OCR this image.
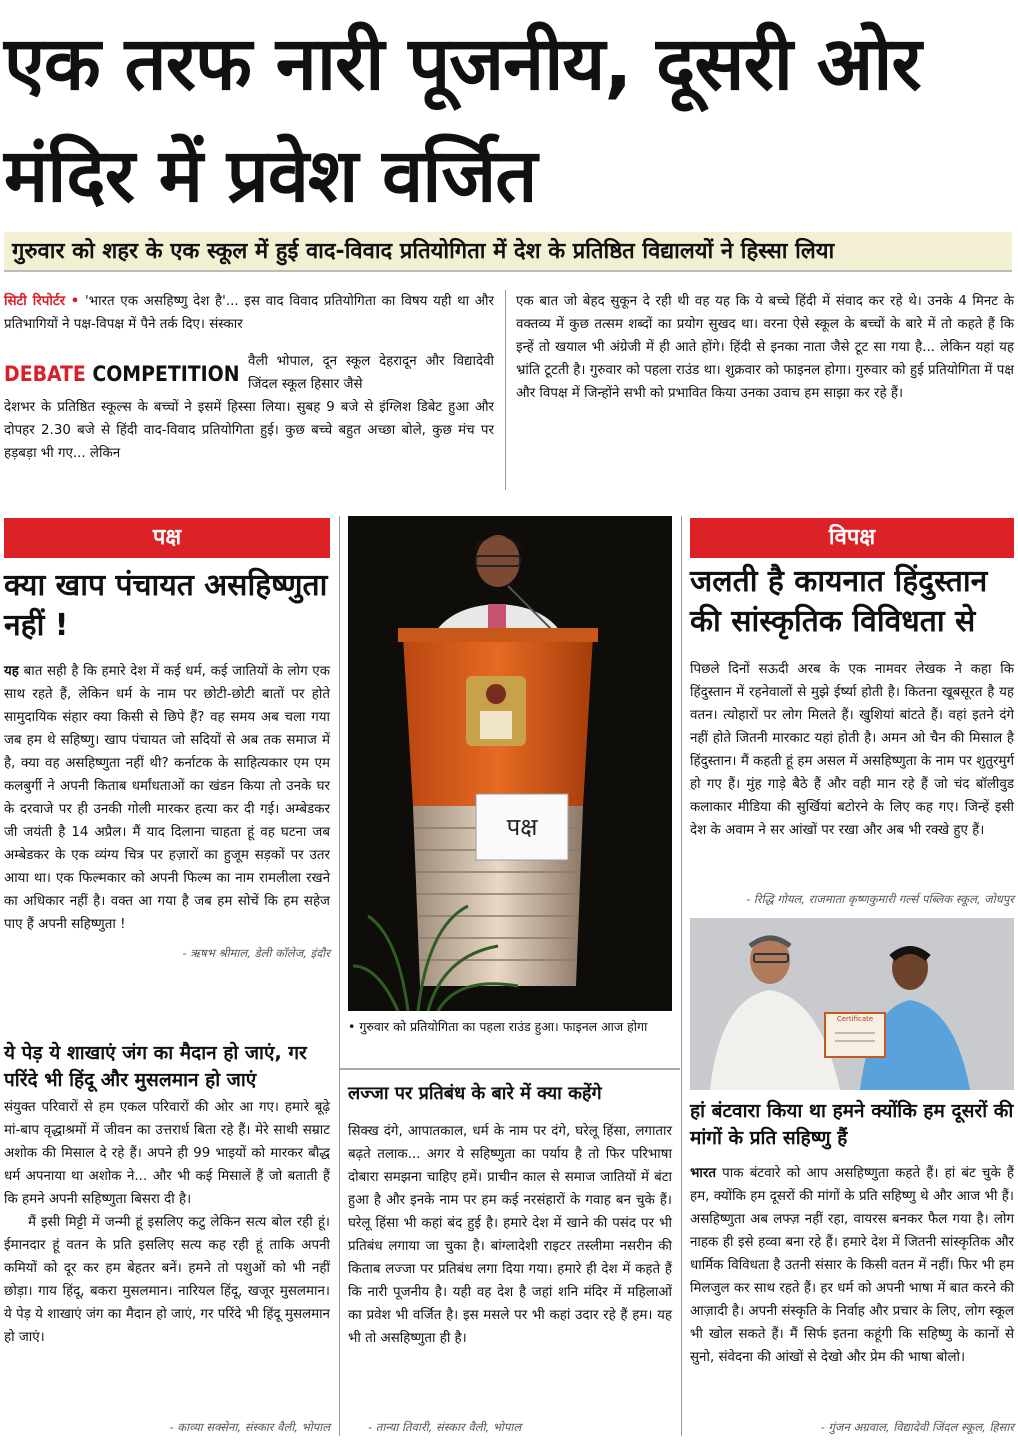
एक तरफ नारी पूजनीय, दूसरी ओर मंदिर में प्रवेश वर्जित
गुरुवार को शहर के एक स्कूल में हुई वाद-विवाद प्रतियोगिता में देश के प्रतिष्ठित विद्यालयों ने हिस्सा लिया

सिटी रिपोर्टर • 'भारत एक असहिष्णु देश है'... इस वाद विवाद प्रतियोगिता का विषय यही था और प्रतिभागियों ने पक्ष-विपक्ष में पैने तर्क दिए। संस्कार

वैली भोपाल, दून स्कूल देहरादून और विद्यादेवी जिंदल स्कूल हिसार जैसे
देशभर के प्रतिष्ठित स्कूल्स के बच्चों ने इसमें हिस्सा लिया। सुबह 9 बजे से इंग्लिश डिबेट हुआ और दोपहर 2.30 बजे से हिंदी वाद-विवाद प्रतियोगिता हुई। कुछ बच्चे बहुत अच्छा बोले, कुछ मंच पर हड़बड़ा भी गए... लेकिन
DEBATE COMPETITION
एक बात जो बेहद सुकून दे रही थी वह यह कि ये बच्चे हिंदी में संवाद कर रहे थे। उनके 4 मिनट के वक्तव्य में कुछ तत्सम शब्दों का प्रयोग सुखद था। वरना ऐसे स्कूल के बच्चों के बारे में तो कहते हैं कि इन्हें तो खयाल भी अंग्रेजी में ही आते होंगे। हिंदी से इनका नाता जैसे टूट सा गया है... लेकिन यहां यह भ्रांति टूटती है। गुरुवार को पहला राउंड था। शुक्रवार को फाइनल होगा। गुरुवार को हुई प्रतियोगिता में पक्ष और विपक्ष में जिन्होंने सभी को प्रभावित किया उनका उवाच हम साझा कर रहे हैं।
पक्ष
क्या खाप पंचायत असहिष्णुता नहीं !

यह बात सही है कि हमारे देश में कई धर्म, कई जातियों के लोग एक साथ रहते हैं, लेकिन धर्म के नाम पर छोटी-छोटी बातों पर होते सामुदायिक संहार क्या किसी से छिपे हैं? वह समय अब चला गया जब हम थे सहिष्णु। खाप पंचायत जो सदियों से अब तक समाज में है, क्या वह असहिष्णुता नहीं थी? कर्नाटक के साहित्यकार एम एम कलबुर्गी ने अपनी किताब धर्मांधताओं का खंडन किया तो उनके घर के दरवाजे पर ही उनकी गोली मारकर हत्या कर दी गई। अम्बेडकर जी जयंती है 14 अप्रैल। मैं याद दिलाना चाहता हूं वह घटना जब अम्बेडकर के एक व्यंग्य चित्र पर हज़ारों का हुजूम सड़कों पर उतर आया था। एक फिल्मकार को अपनी फिल्म का नाम रामलीला रखने का अधिकार नहीं है। वक्त आ गया है जब हम सोचें कि हम सहेज पाए हैं अपनी सहिष्णुता !

- ऋषभ श्रीमाल, डेली कॉलेज, इंदौर
ये पेड़ ये शाखाएं जंग का मैदान हो जाएं, गर परिंदे भी हिंदू और मुसलमान हो जाएं

संयुक्त परिवारों से हम एकल परिवारों की ओर आ गए। हमारे बूढ़े मां-बाप वृद्धाश्रमों में जीवन का उत्तरार्ध बिता रहे हैं। मेरे साथी सम्राट अशोक की मिसाल दे रहे हैं। अपने ही 99 भाइयों को मारकर बौद्ध धर्म अपनाया था अशोक ने... और भी कई मिसालें हैं जो बताती हैं कि हमने अपनी सहिष्णुता बिसरा दी है।

मैं इसी मिट्टी में जन्मी हूं इसलिए कटु लेकिन सत्य बोल रही हूं। ईमानदार हूं वतन के प्रति इसलिए सत्य कह रही हूं ताकि अपनी कमियों को दूर कर हम बेहतर बनें। हमने तो पशुओं को भी नहीं छोड़ा। गाय हिंदू, बकरा मुसलमान। नारियल हिंदू, खजूर मुसलमान। ये पेड़ ये शाखाएं जंग का मैदान हो जाएं, गर परिंदे भी हिंदू मुसलमान हो जाएं।

- काव्या सक्सेना, संस्कार वैली, भोपाल
पक्ष
• गुरुवार को प्रतियोगिता का पहला राउंड हुआ। फाइनल आज होगा
लज्जा पर प्रतिबंध के बारे में क्या कहेंगे
सिक्ख दंगे, आपातकाल, धर्म के नाम पर दंगे, घरेलू हिंसा, लगातार बढ़ते तलाक... अगर ये सहिष्णुता का पर्याय है तो फिर परिभाषा दोबारा समझना चाहिए हमें। प्राचीन काल से समाज जातियों में बंटा हुआ है और इनके नाम पर हम कई नरसंहारों के गवाह बन चुके हैं। घरेलू हिंसा भी कहां बंद हुई है। हमारे देश में खाने की पसंद पर भी प्रतिबंध लगाया जा चुका है। बांग्लादेशी राइटर तस्लीमा नसरीन की किताब लज्जा पर प्रतिबंध लगा दिया गया। हमारे ही देश में कहते हैं कि नारी पूजनीय है। यही वह देश है जहां शनि मंदिर में महिलाओं का प्रवेश भी वर्जित है। इस मसले पर भी कहां उदार रहे हैं हम। यह भी तो असहिष्णुता ही है।
- तान्या तिवारी, संस्कार वैली, भोपाल
विपक्ष
जलती है कायनात हिंदुस्तान की सांस्कृतिक विविधता से
पिछले दिनों सऊदी अरब के एक नामवर लेखक ने कहा कि हिंदुस्तान में रहनेवालों से मुझे ईर्ष्या होती है। कितना खूबसूरत है यह वतन। त्योहारों पर लोग मिलते हैं। खुशियां बांटते हैं। वहां इतने दंगे नहीं होते जितनी मारकाट यहां होती है। अमन ओ चैन की मिसाल है हिंदुस्तान। मैं कहती हूं हम असल में असहिष्णुता के नाम पर शुतुरमुर्ग हो गए हैं। मुंह गाड़े बैठे हैं और वही मान रहे हैं जो चंद बॉलीवुड कलाकार मीडिया की सुर्खियां बटोरने के लिए कह गए। जिन्हें इसी देश के अवाम ने सर आंखों पर रखा और अब भी रक्खे हुए हैं।
- रिद्धि गोयल, राजमाता कृष्णकुमारी गर्ल्स पब्लिक स्कूल, जोधपुर
Certificate
हां बंटवारा किया था हमने क्योंकि हम दूसरों की मांगों के प्रति सहिष्णु हैं

भारत पाक बंटवारे को आप असहिष्णुता कहते हैं। हां बंट चुके हैं हम, क्योंकि हम दूसरों की मांगों के प्रति सहिष्णु थे और आज भी हैं। असहिष्णुता अब लफ्ज़ नहीं रहा, वायरस बनकर फैल गया है। लोग नाहक ही इसे हव्वा बना रहे हैं। हमारे देश में जितनी सांस्कृतिक और धार्मिक विविधता है उतनी संसार के किसी वतन में नहीं। फिर भी हम मिलजुल कर साथ रहते हैं। हर धर्म को अपनी भाषा में बात करने की आज़ादी है। अपनी संस्कृति के निर्वाह और प्रचार के लिए, लोग स्कूल भी खोल सकते हैं। मैं सिर्फ इतना कहूंगी कि सहिष्णु के कानों से सुनो, संवेदना की आंखों से देखो और प्रेम की भाषा बोलो।

- गुंजन अग्रवाल, विद्यादेवी जिंदल स्कूल, हिसार
